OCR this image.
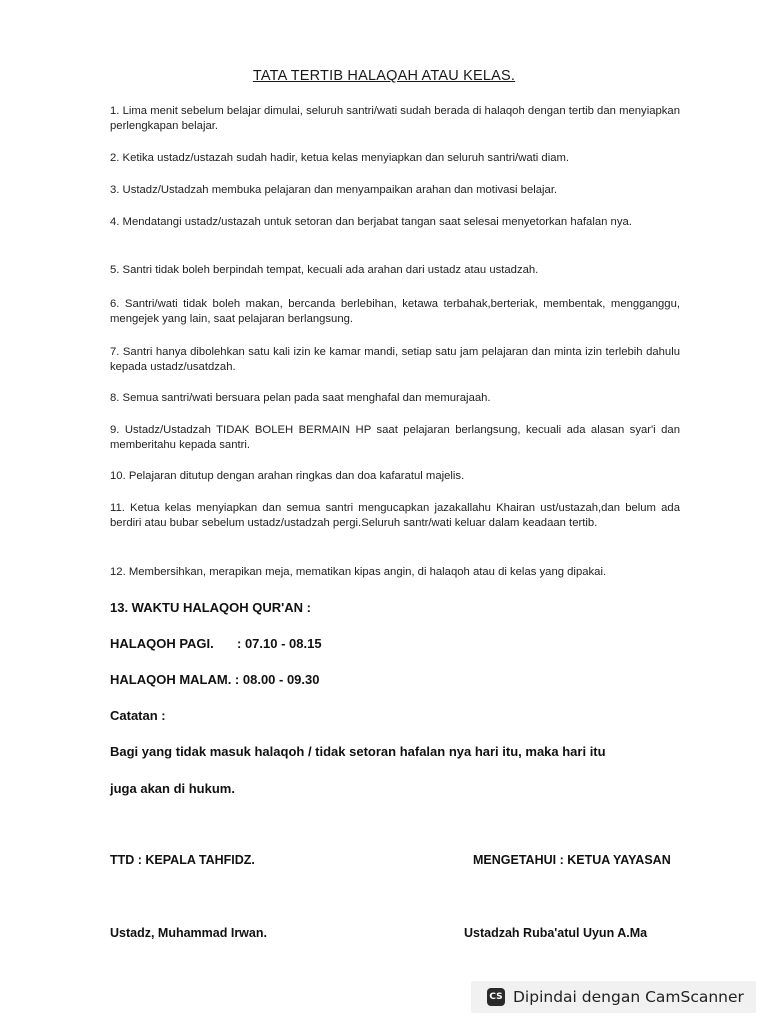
TATA TERTIB HALAQAH ATAU KELAS.
1. Lima menit sebelum belajar dimulai, seluruh santri/wati sudah berada di halaqoh dengan tertib dan menyiapkan perlengkapan belajar.
2. Ketika ustadz/ustazah sudah hadir, ketua kelas menyiapkan dan seluruh santri/wati diam.
3. Ustadz/Ustadzah membuka pelajaran dan menyampaikan arahan dan motivasi belajar.
4. Mendatangi ustadz/ustazah untuk setoran dan berjabat tangan saat selesai menyetorkan hafalan nya.
5. Santri tidak boleh berpindah tempat, kecuali ada arahan dari ustadz atau ustadzah.
6. Santri/wati tidak boleh makan, bercanda berlebihan, ketawa terbahak,berteriak, membentak, mengganggu, mengejek yang lain, saat pelajaran berlangsung.
7. Santri hanya dibolehkan satu kali izin ke kamar mandi, setiap satu jam pelajaran dan minta izin terlebih dahulu kepada ustadz/usatdzah.
8. Semua santri/wati bersuara pelan pada saat menghafal dan memurajaah.
9. Ustadz/Ustadzah TIDAK BOLEH BERMAIN HP saat pelajaran berlangsung, kecuali ada alasan syar'i dan memberitahu kepada santri.
10. Pelajaran ditutup dengan arahan ringkas dan doa kafaratul majelis.
11. Ketua kelas menyiapkan dan semua santri mengucapkan jazakallahu Khairan ust/ustazah,dan belum ada berdiri atau bubar sebelum ustadz/ustadzah pergi.Seluruh santr/wati keluar dalam keadaan tertib.
12. Membersihkan, merapikan meja, mematikan kipas angin, di halaqoh atau di kelas yang dipakai.
13. WAKTU HALAQOH QUR'AN :
HALAQOH PAGI. : 07.10 - 08.15
HALAQOH MALAM. : 08.00 - 09.30
Catatan :
Bagi yang tidak masuk halaqoh / tidak setoran hafalan nya hari itu, maka hari itu
juga akan di hukum.
TTD : KEPALA TAHFIDZ.	MENGETAHUI : KETUA YAYASAN
Ustadz, Muhammad Irwan.	Ustadzah Ruba'atul Uyun A.Ma
CS Dipindai dengan CamScanner
